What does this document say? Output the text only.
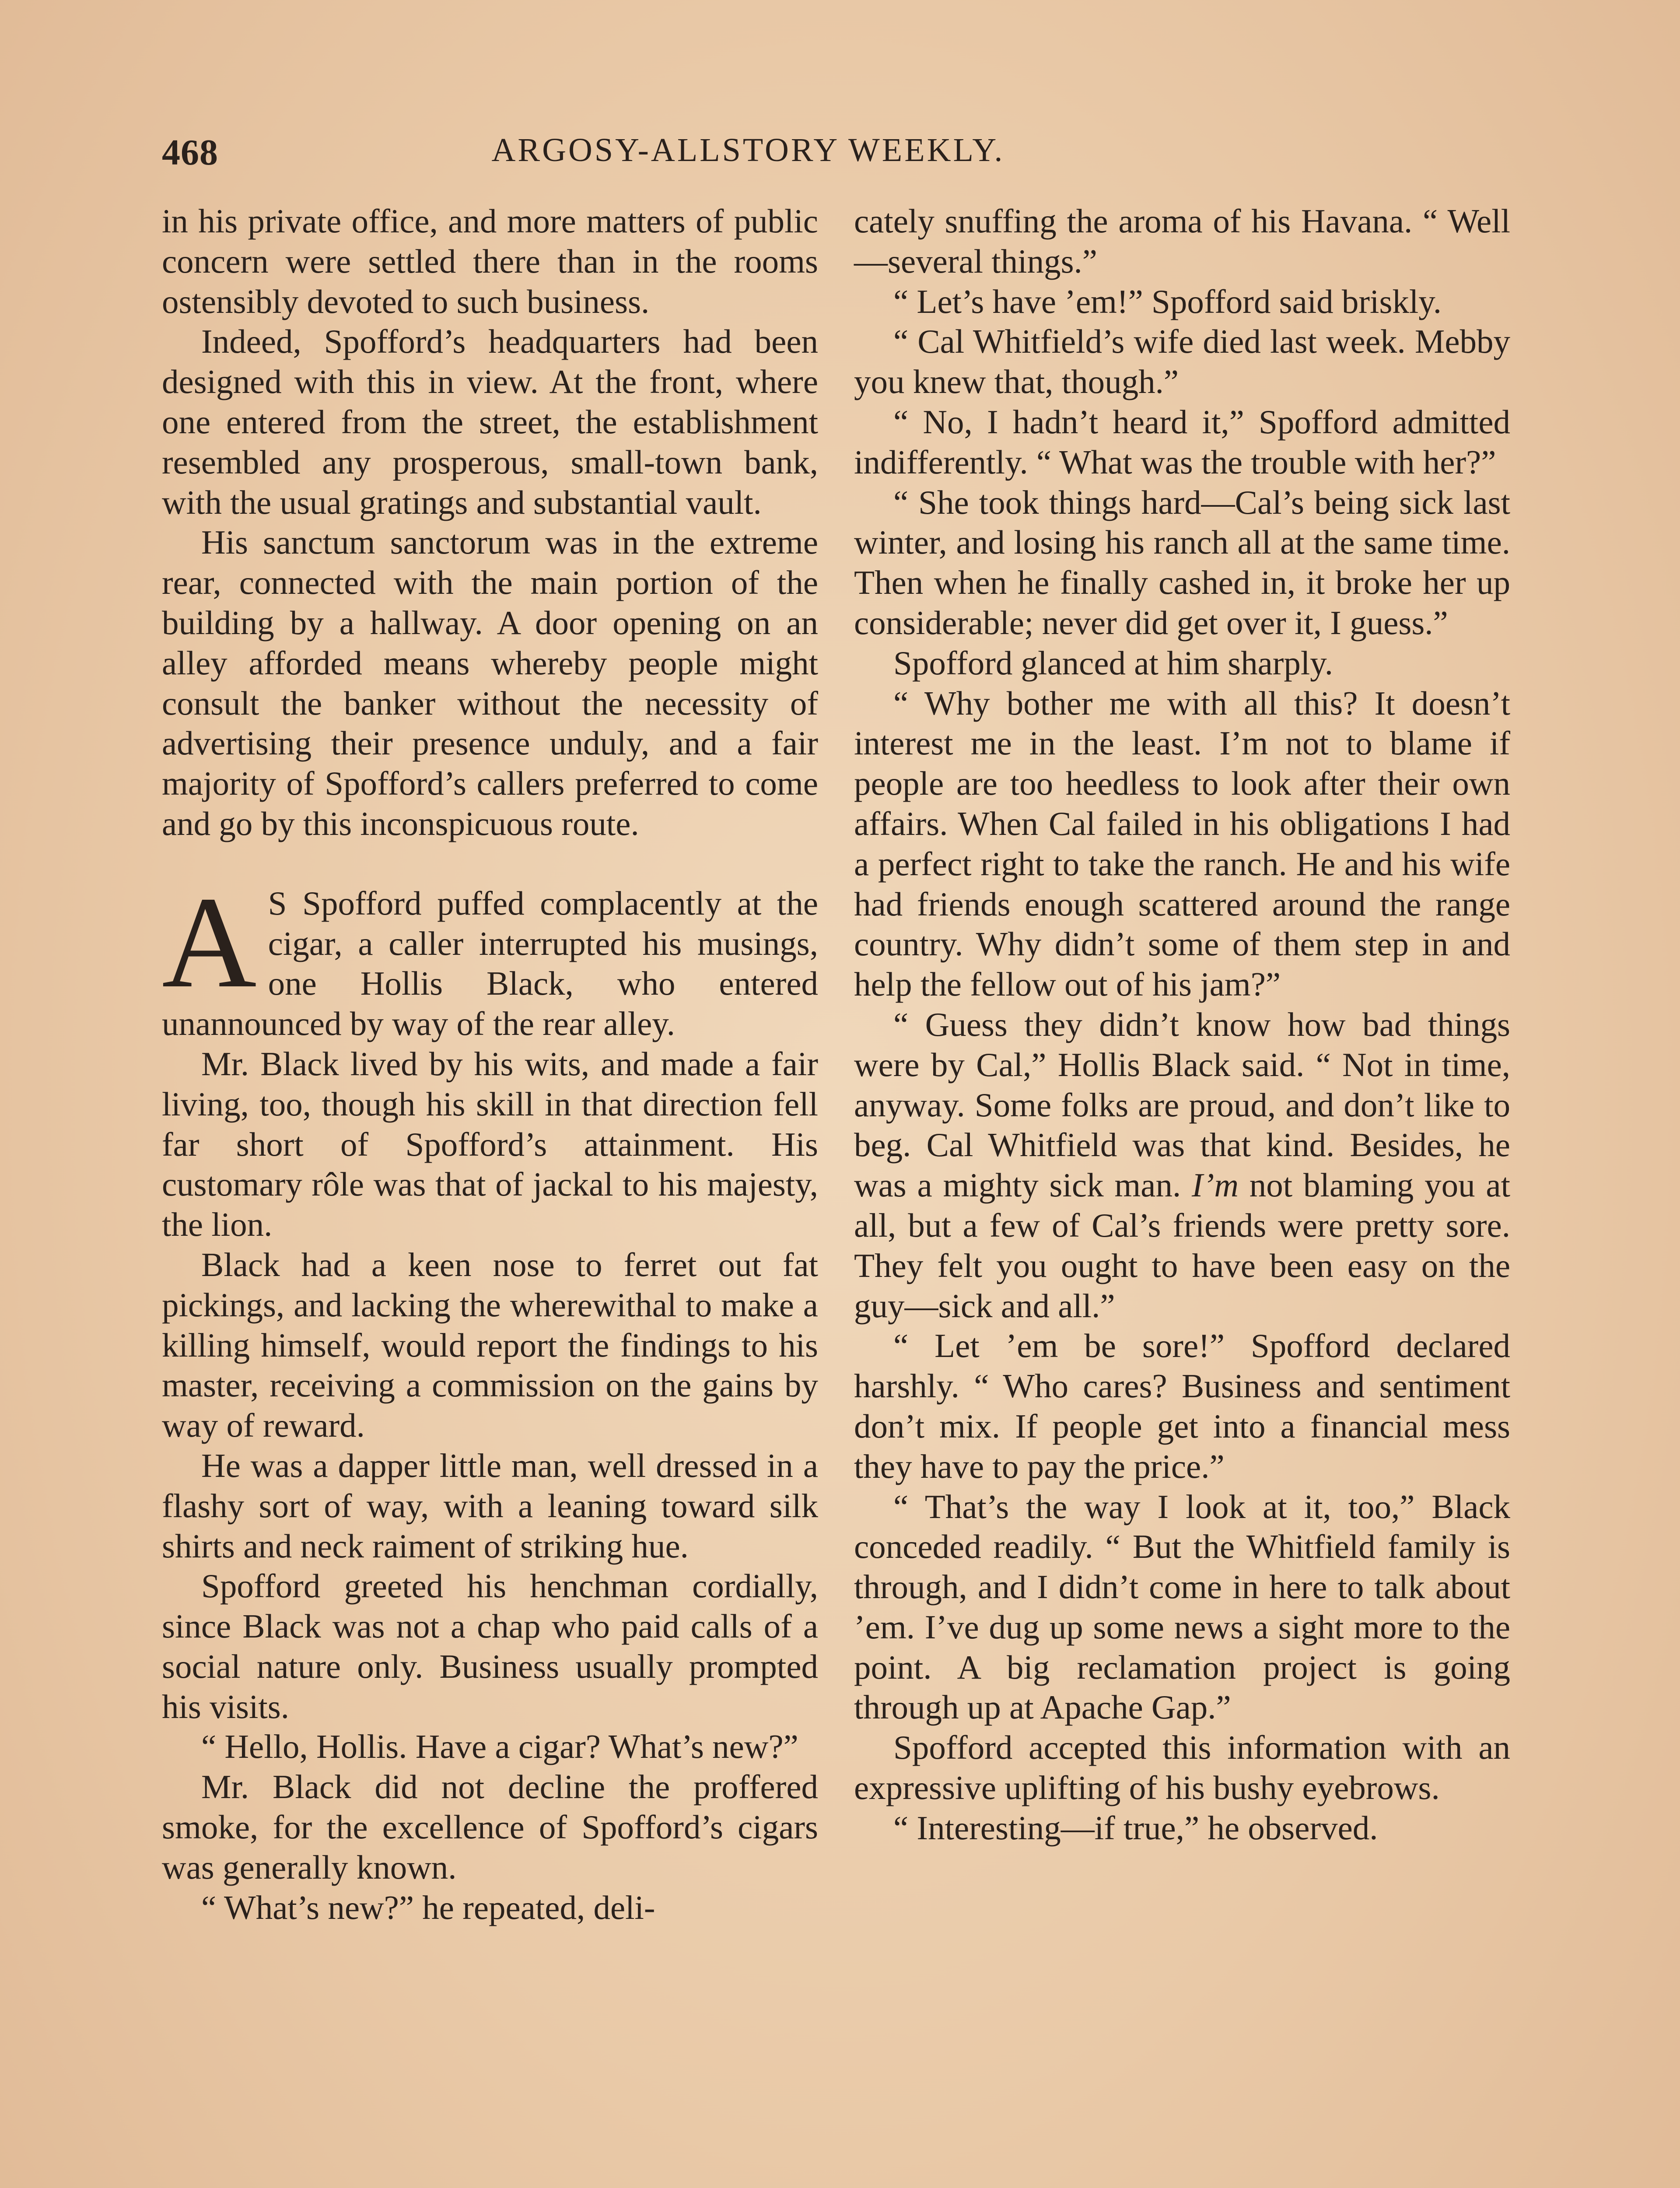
468	ARGOSY-ALLSTORY WEEKLY.

in his private office, and more matters of public concern were settled there than in the rooms ostensibly devoted to such business.

Indeed, Spofford’s headquarters had been designed with this in view. At the front, where one entered from the street, the establishment resembled any prosperous, small-town bank, with the usual gratings and substantial vault.

His sanctum sanctorum was in the extreme rear, connected with the main portion of the building by a hallway. A door opening on an alley afforded means whereby people might consult the banker without the necessity of advertising their presence unduly, and a fair majority of Spofford’s callers preferred to come and go by this inconspicuous route.

A S Spofford puffed complacently at the cigar, a caller interrupted his musings, one Hollis Black, who entered unannounced by way of the rear alley.

Mr. Black lived by his wits, and made a fair living, too, though his skill in that direction fell far short of Spofford’s attainment. His customary rôle was that of jackal to his majesty, the lion.

Black had a keen nose to ferret out fat pickings, and lacking the wherewithal to make a killing himself, would report the findings to his master, receiving a commission on the gains by way of reward.

He was a dapper little man, well dressed in a flashy sort of way, with a leaning toward silk shirts and neck raiment of striking hue.

Spofford greeted his henchman cordially, since Black was not a chap who paid calls of a social nature only. Business usually prompted his visits.

“ Hello, Hollis. Have a cigar? What’s new?”

Mr. Black did not decline the proffered smoke, for the excellence of Spofford’s cigars was generally known.

“ What’s new?” he repeated, deli-

cately snuffing the aroma of his Havana. “ Well—several things.”

“ Let’s have ’em!” Spofford said briskly.

“ Cal Whitfield’s wife died last week. Mebby you knew that, though.”

“ No, I hadn’t heard it,” Spofford admitted indifferently. “ What was the trouble with her?”

“ She took things hard—Cal’s being sick last winter, and losing his ranch all at the same time. Then when he finally cashed in, it broke her up considerable; never did get over it, I guess.”

Spofford glanced at him sharply.

“ Why bother me with all this? It doesn’t interest me in the least. I’m not to blame if people are too heedless to look after their own affairs. When Cal failed in his obligations I had a perfect right to take the ranch. He and his wife had friends enough scattered around the range country. Why didn’t some of them step in and help the fellow out of his jam?”

“ Guess they didn’t know how bad things were by Cal,” Hollis Black said. “ Not in time, anyway. Some folks are proud, and don’t like to beg. Cal Whitfield was that kind. Besides, he was a mighty sick man. I’m not blaming you at all, but a few of Cal’s friends were pretty sore. They felt you ought to have been easy on the guy—sick and all.”

“ Let ’em be sore!” Spofford declared harshly. “ Who cares? Business and sentiment don’t mix. If people get into a financial mess they have to pay the price.”

“ That’s the way I look at it, too,” Black conceded readily. “ But the Whitfield family is through, and I didn’t come in here to talk about ’em. I’ve dug up some news a sight more to the point. A big reclamation project is going through up at Apache Gap.”

Spofford accepted this information with an expressive uplifting of his bushy eyebrows.

“ Interesting—if true,” he observed.
